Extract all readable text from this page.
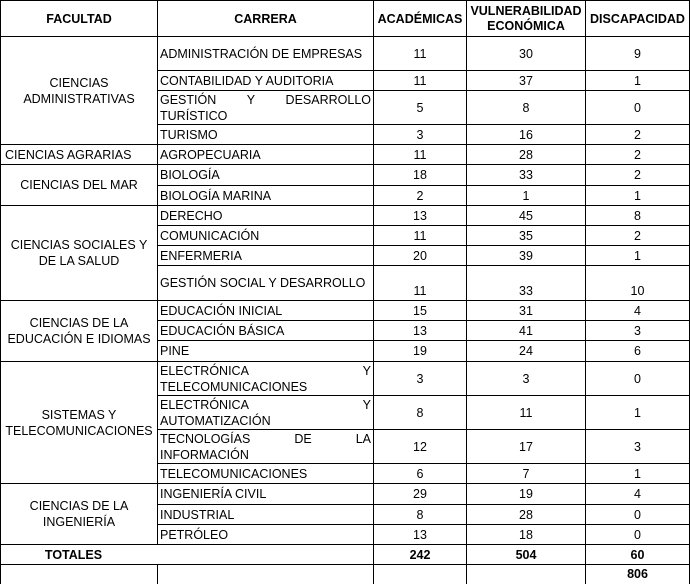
FACULTAD	CARRERA	ACADÉMICAS	VULNERABILIDAD ECONÓMICA	DISCAPACIDAD
CIENCIAS ADMINISTRATIVAS	ADMINISTRACIÓN DE EMPRESAS	11	30	9
	CONTABILIDAD Y AUDITORIA	11	37	1
	GESTIÓN Y DESARROLLO TURÍSTICO	5	8	0
	TURISMO	3	16	2
CIENCIAS AGRARIAS	AGROPECUARIA	11	28	2
CIENCIAS DEL MAR	BIOLOGÍA	18	33	2
	BIOLOGÍA MARINA	2	1	1
CIENCIAS SOCIALES Y DE LA SALUD	DERECHO	13	45	8
	COMUNICACIÓN	11	35	2
	ENFERMERIA	20	39	1
	GESTIÓN SOCIAL Y DESARROLLO	11	33	10
CIENCIAS DE LA EDUCACIÓN E IDIOMAS	EDUCACIÓN INICIAL	15	31	4
	EDUCACIÓN BÁSICA	13	41	3
	PINE	19	24	6
SISTEMAS Y TELECOMUNICACIONES	ELECTRÓNICA Y TELECOMUNICACIONES	3	3	0
	ELECTRÓNICA Y AUTOMATIZACIÓN	8	11	1
	TECNOLOGÍAS DE LA INFORMACIÓN	12	17	3
	TELECOMUNICACIONES	6	7	1
CIENCIAS DE LA INGENIERÍA	INGENIERÍA CIVIL	29	19	4
	INDUSTRIAL	8	28	0
	PETRÓLEO	13	18	0
TOTALES		242	504	60
				806
